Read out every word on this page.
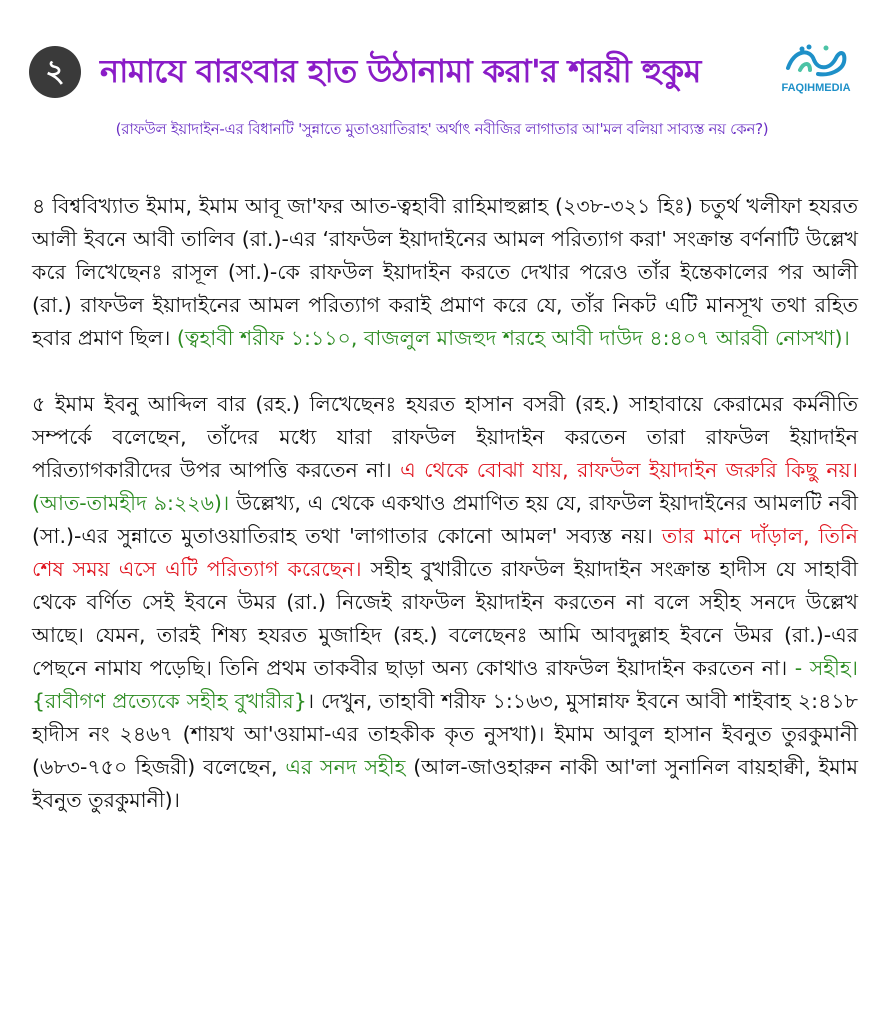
২	নামাযে বারংবার হাত উঠানামা করা'র শরয়ী হুকুম	FAQIHMEDIA
(রাফউল ইয়াদাইন-এর বিধানটি 'সুন্নাতে মুতাওয়াতিরাহ' অর্থাৎ নবীজির লাগাতার আ'মল বলিয়া সাব্যস্ত নয় কেন?)

৪ বিশ্ববিখ্যাত ইমাম, ইমাম আবূ জা'ফর আত-ত্বহাবী রাহিমাহুল্লাহ (২৩৮-৩২১ হিঃ) চতুর্থ খলীফা হযরত আলী ইবনে আবী তালিব (রা.)-এর ‘রাফউল ইয়াদাইনের আমল পরিত্যাগ করা' সংক্রান্ত বর্ণনাটি উল্লেখ করে লিখেছেনঃ রাসূল (সা.)-কে রাফউল ইয়াদাইন করতে দেখার পরেও তাঁর ইন্তেকালের পর আলী (রা.) রাফউল ইয়াদাইনের আমল পরিত্যাগ করাই প্রমাণ করে যে, তাঁর নিকট এটি মানসূখ তথা রহিত হবার প্রমাণ ছিল। (ত্বহাবী শরীফ ১:১১০, বাজলুল মাজহুদ শরহে আবী দাউদ ৪:৪০৭ আরবী নোসখা)।

৫ ইমাম ইবনু আব্দিল বার (রহ.) লিখেছেনঃ হযরত হাসান বসরী (রহ.) সাহাবায়ে কেরামের কর্মনীতি সম্পর্কে বলেছেন, তাঁদের মধ্যে যারা রাফউল ইয়াদাইন করতেন তারা রাফউল ইয়াদাইন পরিত্যাগকারীদের উপর আপত্তি করতেন না। এ থেকে বোঝা যায়, রাফউল ইয়াদাইন জরুরি কিছু নয়। (আত-তামহীদ ৯:২২৬)। উল্লেখ্য, এ থেকে একথাও প্রমাণিত হয় যে, রাফউল ইয়াদাইনের আমলটি নবী (সা.)-এর সুন্নাতে মুতাওয়াতিরাহ তথা 'লাগাতার কোনো আমল' সব্যস্ত নয়। তার মানে দাঁড়াল, তিনি শেষ সময় এসে এটি পরিত্যাগ করেছেন। সহীহ বুখারীতে রাফউল ইয়াদাইন সংক্রান্ত হাদীস যে সাহাবী থেকে বর্ণিত সেই ইবনে উমর (রা.) নিজেই রাফউল ইয়াদাইন করতেন না বলে সহীহ সনদে উল্লেখ আছে। যেমন, তারই শিষ্য হযরত মুজাহিদ (রহ.) বলেছেনঃ আমি আবদুল্লাহ ইবনে উমর (রা.)-এর পেছনে নামায পড়েছি। তিনি প্রথম তাকবীর ছাড়া অন্য কোথাও রাফউল ইয়াদাইন করতেন না। - সহীহ। {রাবীগণ প্রত্যেকে সহীহ বুখারীর}। দেখুন, তাহাবী শরীফ ১:১৬৩, মুসান্নাফ ইবনে আবী শাইবাহ ২:৪১৮ হাদীস নং ২৪৬৭ (শায়খ আ'ওয়ামা-এর তাহকীক কৃত নুসখা)। ইমাম আবুল হাসান ইবনুত তুরকুমানী (৬৮৩-৭৫০ হিজরী) বলেছেন, এর সনদ সহীহ (আল-জাওহারুন নাকী আ'লা সুনানিল বায়হাক্বী, ইমাম ইবনুত তুরকুমানী)।
